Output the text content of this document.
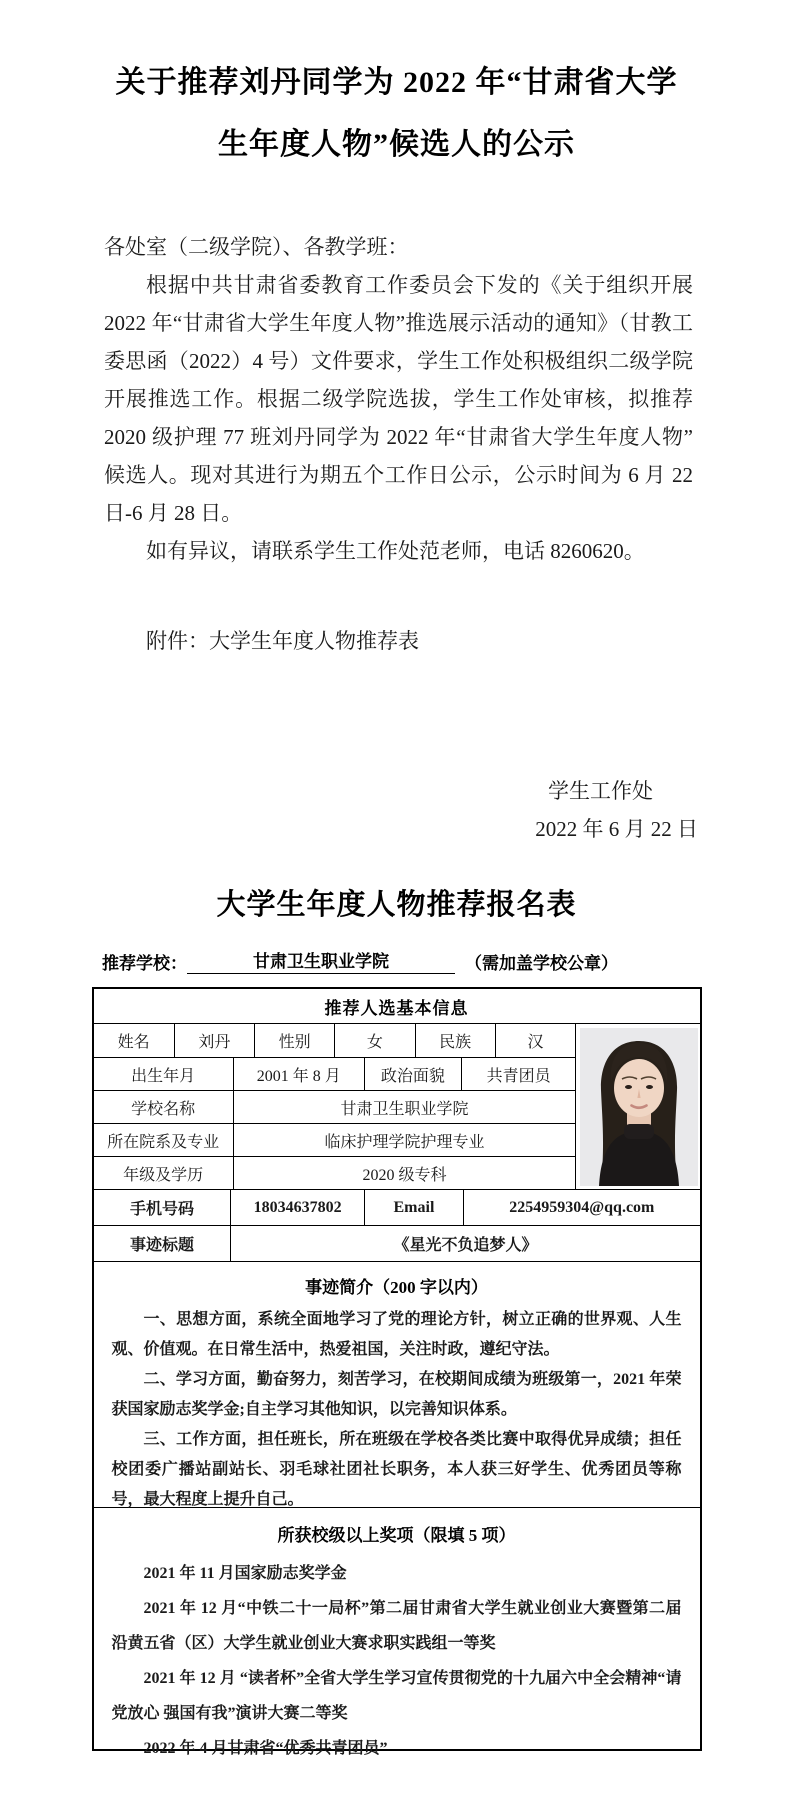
关于推荐刘丹同学为 2022 年“甘肃省大学
生年度人物”候选人的公示

各处室（二级学院）、各教学班：

根据中共甘肃省委教育工作委员会下发的《关于组织开展 2022 年“甘肃省大学生年度人物”推选展示活动的通知》（甘教工委思函（2022）4 号）文件要求，学生工作处积极组织二级学院开展推选工作。根据二级学院选拔，学生工作处审核，拟推荐 2020 级护理 77 班刘丹同学为 2022 年“甘肃省大学生年度人物”候选人。现对其进行为期五个工作日公示，公示时间为 6 月 22 日-6 月 28 日。

如有异议，请联系学生工作处范老师，电话 8260620。

附件：大学生年度人物推荐表

学生工作处
2022 年 6 月 22 日
大学生年度人物推荐报名表
推荐学校：	甘肃卫生职业学院	（需加盖学校公章）
推荐人选基本信息
姓名	刘丹	性别	女	民族	汉
出生年月	2001 年 8 月	政治面貌	共青团员
学校名称	甘肃卫生职业学院
所在院系及专业	临床护理学院护理专业
年级及学历	2020 级专科
手机号码	18034637802	Email	2254959304@qq.com
事迹标题	《星光不负追梦人》
事迹简介（200 字以内）

一、思想方面，系统全面地学习了党的理论方针，树立正确的世界观、人生观、价值观。在日常生活中，热爱祖国，关注时政，遵纪守法。

二、学习方面，勤奋努力，刻苦学习，在校期间成绩为班级第一，2021 年荣获国家励志奖学金;自主学习其他知识，以完善知识体系。

三、工作方面，担任班长，所在班级在学校各类比赛中取得优异成绩；担任校团委广播站副站长、羽毛球社团社长职务，本人获三好学生、优秀团员等称号，最大程度上提升自己。

所获校级以上奖项（限填 5 项）

2021 年 11 月国家励志奖学金

2021 年 12 月“中铁二十一局杯”第二届甘肃省大学生就业创业大赛暨第二届沿黄五省（区）大学生就业创业大赛求职实践组一等奖

2021 年 12 月 “读者杯”全省大学生学习宣传贯彻党的十九届六中全会精神“请党放心 强国有我”演讲大赛二等奖

2022 年 4 月甘肃省“优秀共青团员”
